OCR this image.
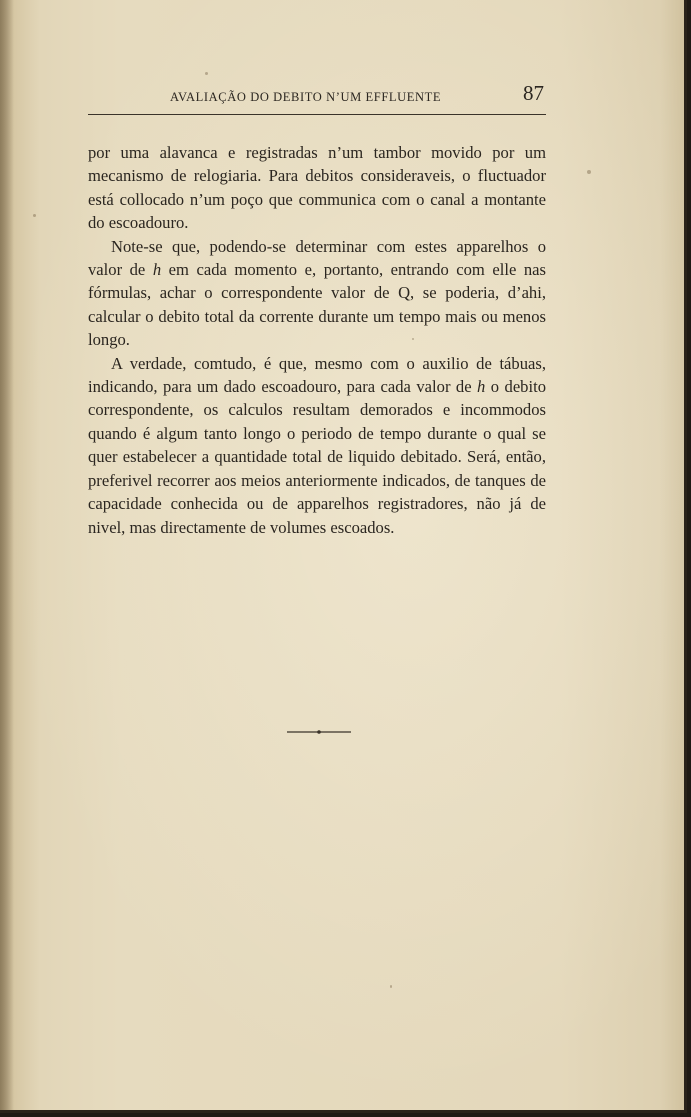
AVALIAÇÃO DO DEBITO N’UM EFFLUENTE	87

por uma alavanca e registradas n’um tambor movido por um mecanismo de relogiaria. Para debitos consideraveis, o fluctuador está collocado n’um poço que communica com o canal a montante do escoadouro.

Note-se que, podendo-se determinar com estes apparelhos o valor de h em cada momento e, portanto, entrando com elle nas fórmulas, achar o correspondente valor de Q, se poderia, d’ahi, calcular o debito total da corrente durante um tempo mais ou menos longo.

A verdade, comtudo, é que, mesmo com o auxilio de tábuas, indicando, para um dado escoadouro, para cada valor de h o debito correspondente, os calculos resultam demorados e incommodos quando é algum tanto longo o periodo de tempo durante o qual se quer estabelecer a quantidade total de liquido debitado. Será, então, preferivel recorrer aos meios anteriormente indicados, de tanques de capacidade conhecida ou de apparelhos registradores, não já de nivel, mas directamente de volumes escoados.
